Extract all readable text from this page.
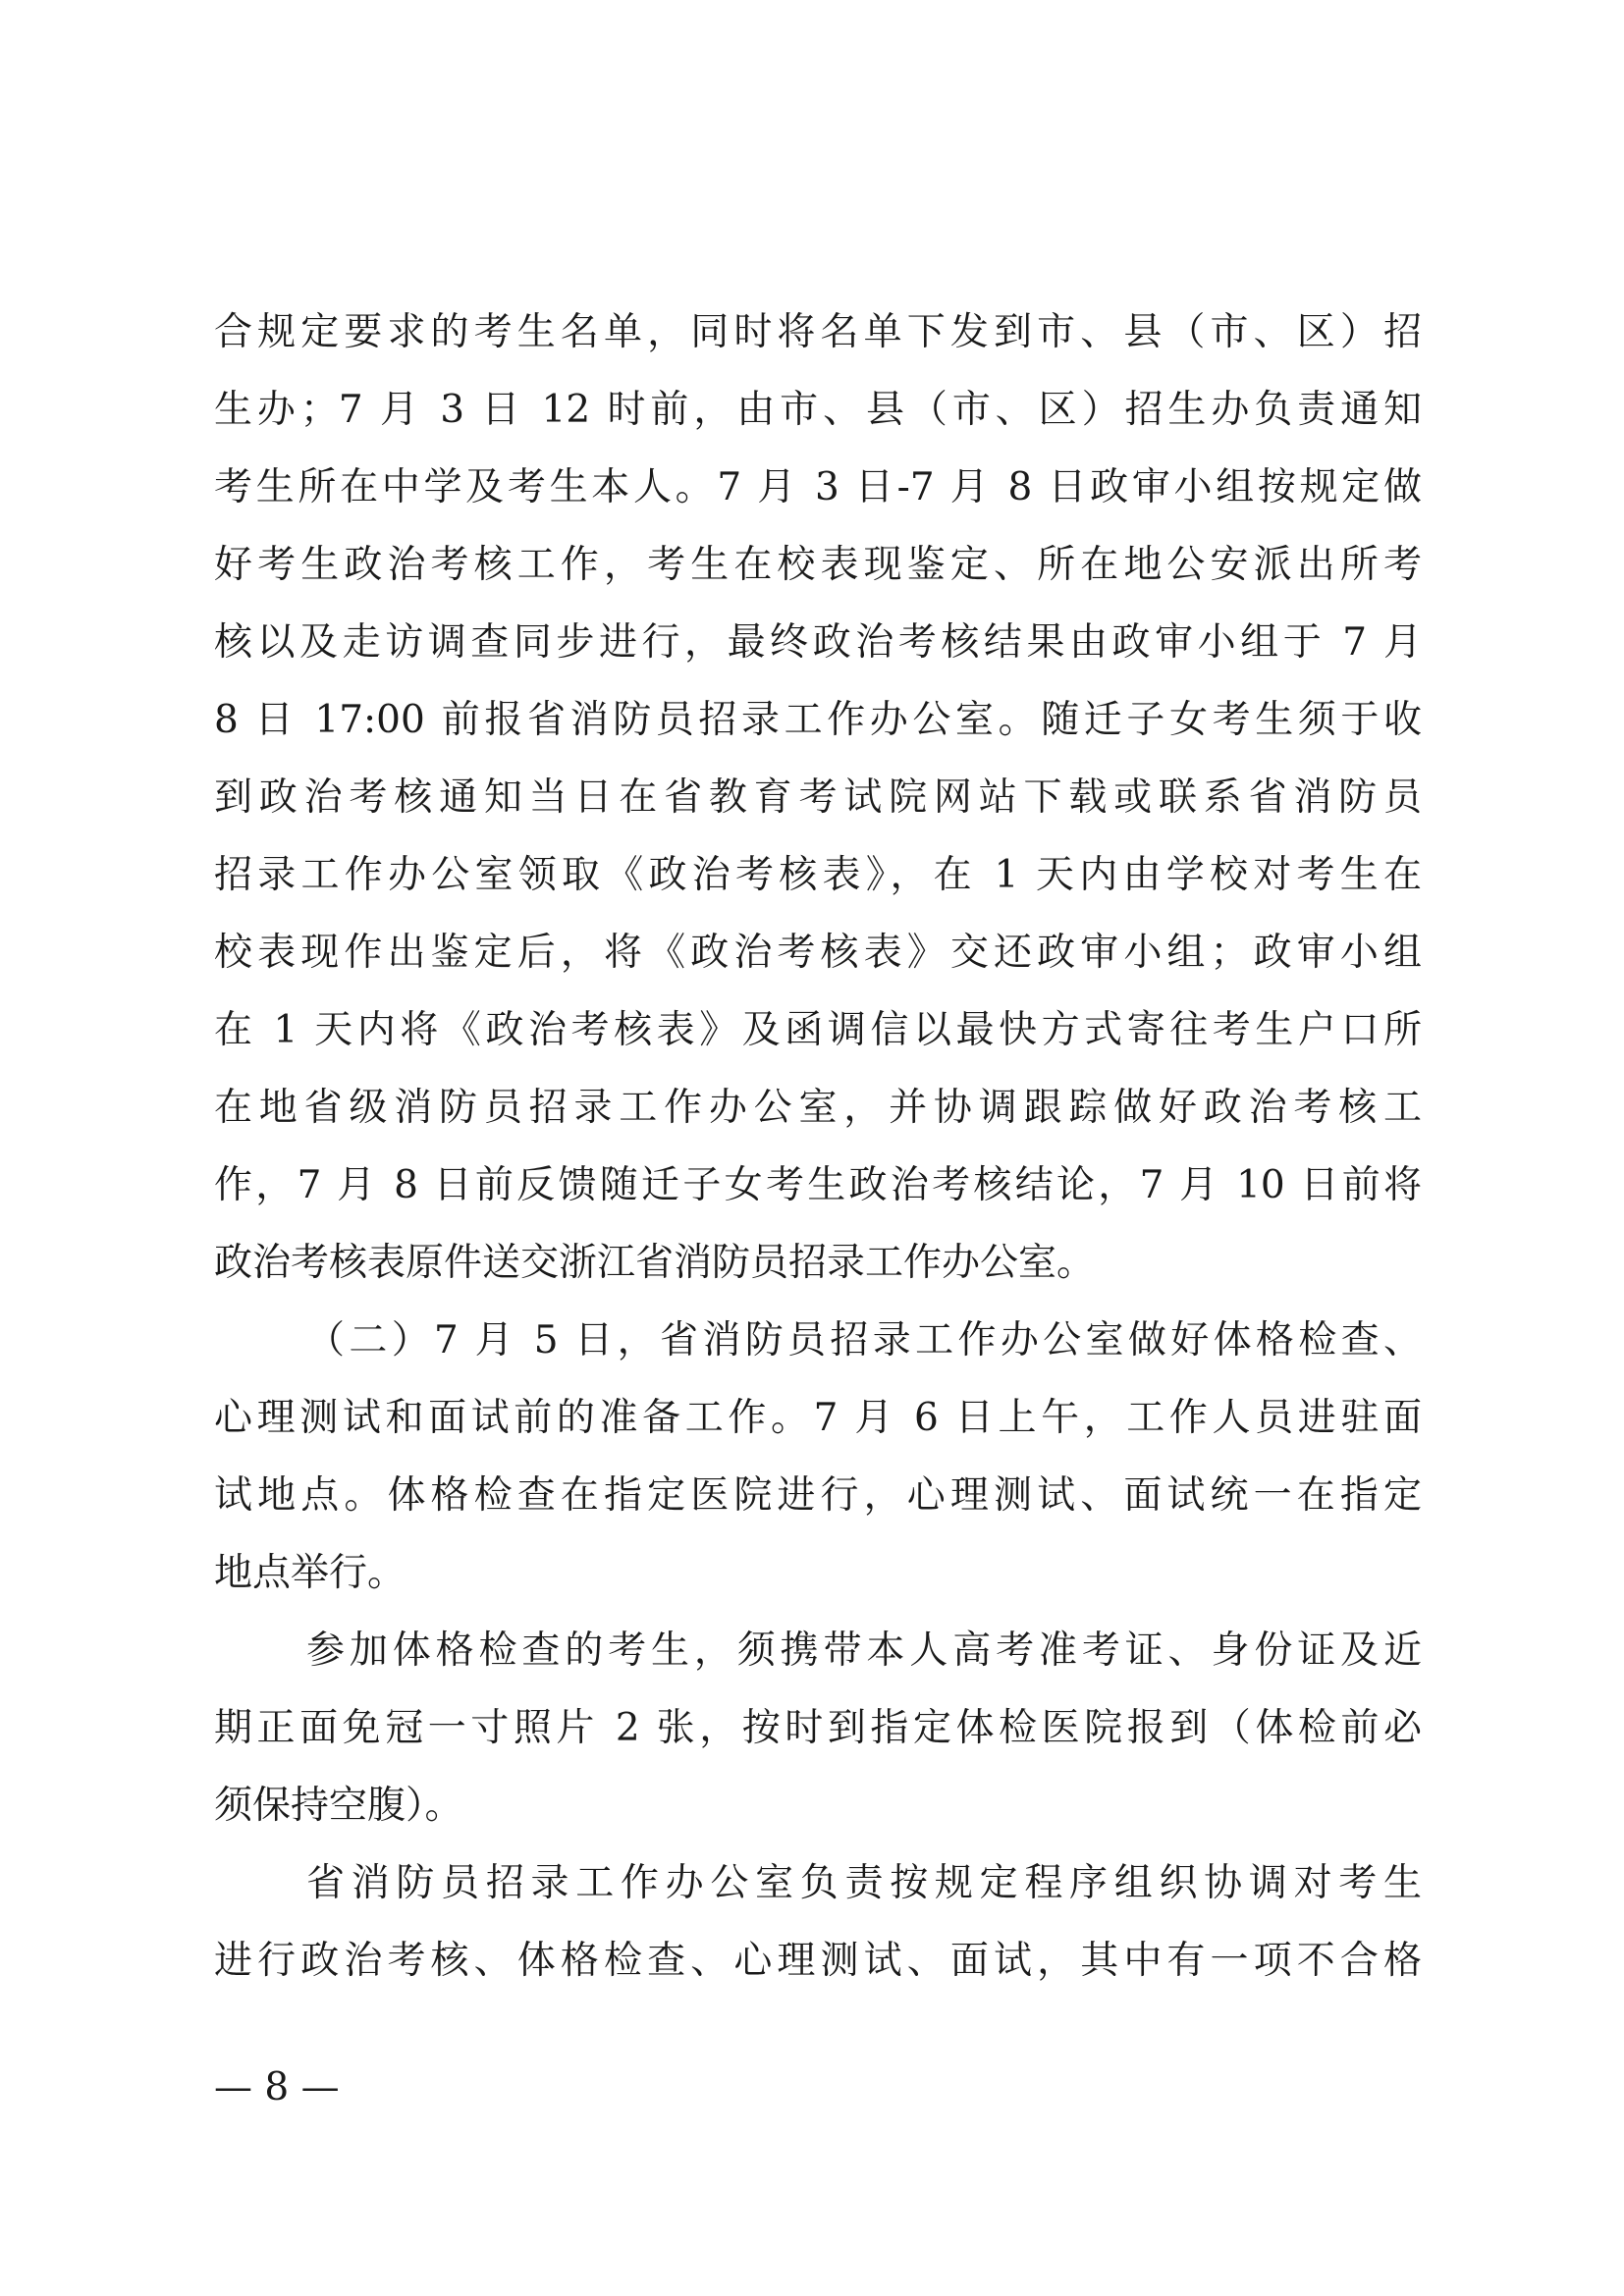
合规定要求的考生名单，同时将名单下发到市、县（市、区）招
生办；7 月 3 日 12 时前，由市、县（市、区）招生办负责通知
考生所在中学及考生本人。7 月 3 日-7 月 8 日政审小组按规定做
好考生政治考核工作，考生在校表现鉴定、所在地公安派出所考
核以及走访调查同步进行，最终政治考核结果由政审小组于 7 月
8 日 17:00 前报省消防员招录工作办公室。随迁子女考生须于收
到政治考核通知当日在省教育考试院网站下载或联系省消防员
招录工作办公室领取《政治考核表》，在 1 天内由学校对考生在
校表现作出鉴定后，将《政治考核表》交还政审小组；政审小组
在 1 天内将《政治考核表》及函调信以最快方式寄往考生户口所
在地省级消防员招录工作办公室，并协调跟踪做好政治考核工
作，7 月 8 日前反馈随迁子女考生政治考核结论，7 月 10 日前将
政治考核表原件送交浙江省消防员招录工作办公室。
（二）7 月 5 日，省消防员招录工作办公室做好体格检查、
心理测试和面试前的准备工作。7 月 6 日上午，工作人员进驻面
试地点。体格检查在指定医院进行，心理测试、面试统一在指定
地点举行。
参加体格检查的考生，须携带本人高考准考证、身份证及近
期正面免冠一寸照片 2 张，按时到指定体检医院报到（体检前必
须保持空腹）。
省消防员招录工作办公室负责按规定程序组织协调对考生
进行政治考核、体格检查、心理测试、面试，其中有一项不合格
— 8 —
